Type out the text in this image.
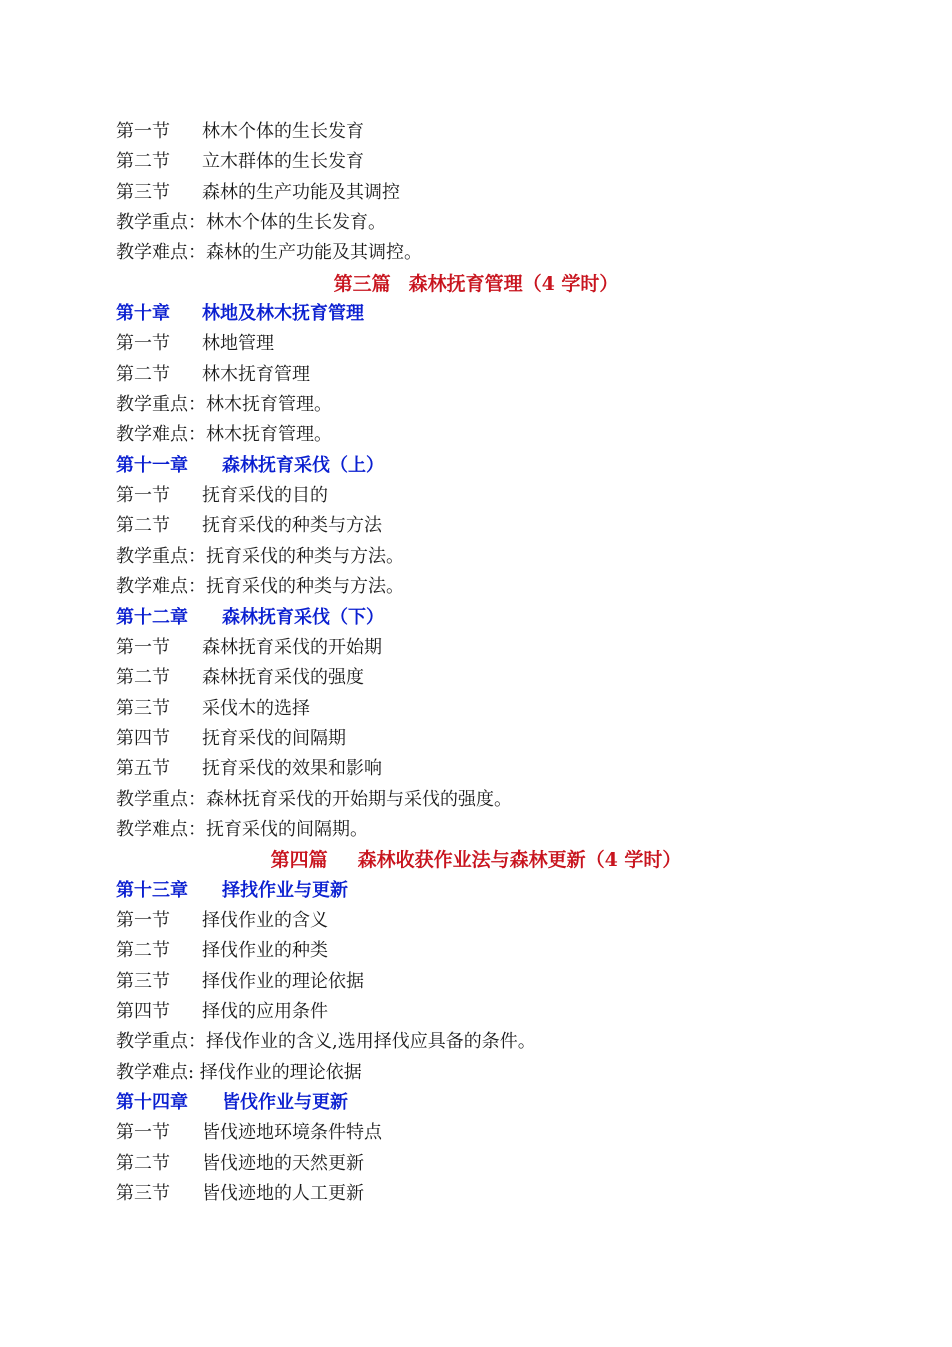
第一节 林木个体的生长发育
第二节 立木群体的生长发育
第三节 森林的生产功能及其调控
教学重点：林木个体的生长发育。
教学难点：森林的生产功能及其调控。
第三篇 森林抚育管理（4 学时）
第十章 林地及林木抚育管理
第一节 林地管理
第二节 林木抚育管理
教学重点：林木抚育管理。
教学难点：林木抚育管理。
第十一章 森林抚育采伐（上）
第一节 抚育采伐的目的
第二节 抚育采伐的种类与方法
教学重点：抚育采伐的种类与方法。
教学难点：抚育采伐的种类与方法。
第十二章 森林抚育采伐（下）
第一节 森林抚育采伐的开始期
第二节 森林抚育采伐的强度
第三节 采伐木的选择
第四节 抚育采伐的间隔期
第五节 抚育采伐的效果和影响
教学重点：森林抚育采伐的开始期与采伐的强度。
教学难点：抚育采伐的间隔期。
第四篇 森林收获作业法与森林更新（4 学时）
第十三章 择找作业与更新
第一节 择伐作业的含义
第二节 择伐作业的种类
第三节 择伐作业的理论依据
第四节 择伐的应用条件
教学重点：择伐作业的含义,选用择伐应具备的条件。
教学难点: 择伐作业的理论依据
第十四章 皆伐作业与更新
第一节 皆伐迹地环境条件特点
第二节 皆伐迹地的天然更新
第三节 皆伐迹地的人工更新
